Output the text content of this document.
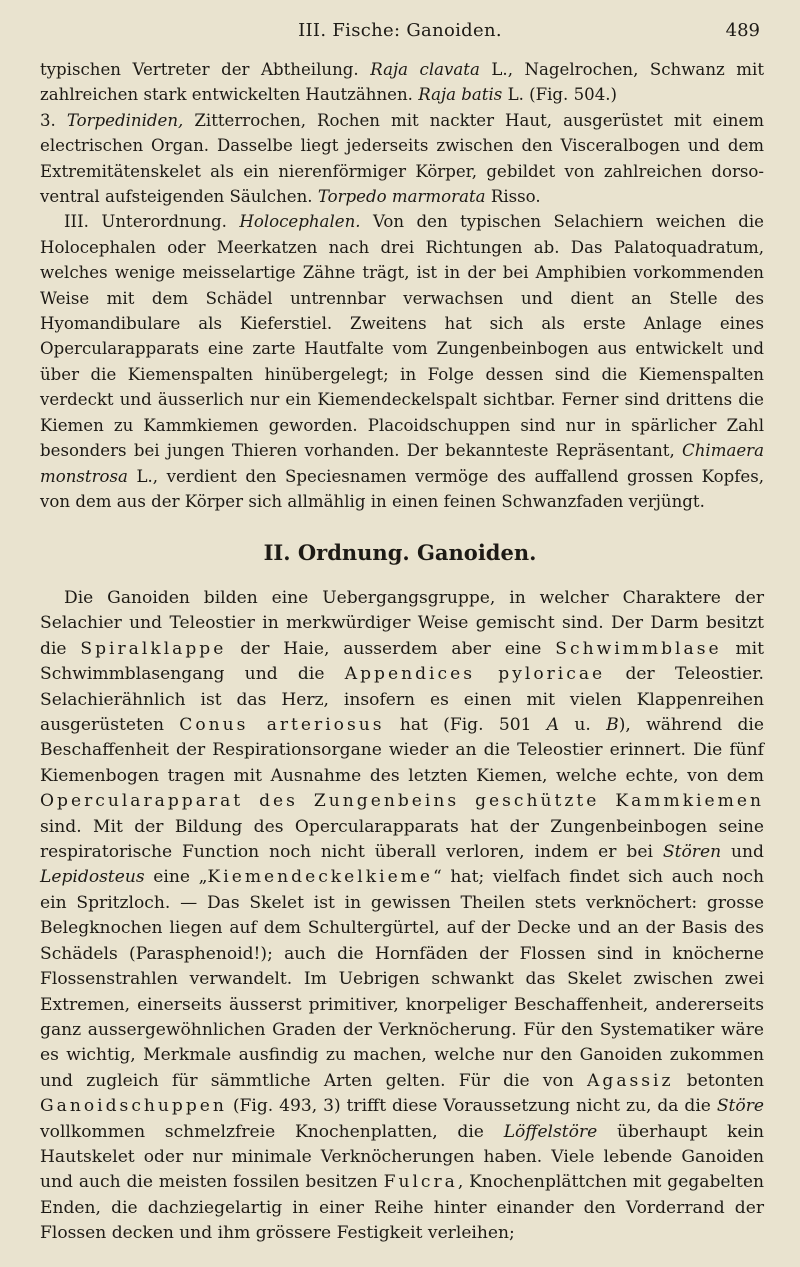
III. Fische: Ganoiden.	489

typischen Vertreter der Abtheilung. Raja clavata L., Nagelrochen, Schwanz mit zahlreichen stark entwickelten Hautzähnen. Raja batis L. (Fig. 504.)

3. Torpediniden, Zitterrochen, Rochen mit nackter Haut, ausgerüstet mit einem electrischen Organ. Dasselbe liegt jederseits zwischen den Visceralbogen und dem Extremitätenskelet als ein nierenförmiger Körper, gebildet von zahlreichen dorso-ventral aufsteigenden Säulchen. Torpedo marmorata Risso.

III. Unterordnung. Holocephalen. Von den typischen Selachiern weichen die Holocephalen oder Meerkatzen nach drei Richtungen ab. Das Palatoquadratum, welches wenige meisselartige Zähne trägt, ist in der bei Amphibien vorkommenden Weise mit dem Schädel untrennbar verwachsen und dient an Stelle des Hyomandibulare als Kieferstiel. Zweitens hat sich als erste Anlage eines Opercularapparats eine zarte Hautfalte vom Zungenbeinbogen aus entwickelt und über die Kiemenspalten hinübergelegt; in Folge dessen sind die Kiemenspalten verdeckt und äusserlich nur ein Kiemendeckelspalt sichtbar. Ferner sind drittens die Kiemen zu Kammkiemen geworden. Placoidschuppen sind nur in spärlicher Zahl besonders bei jungen Thieren vorhanden. Der bekannteste Repräsentant, Chimaera monstrosa L., verdient den Speciesnamen vermöge des auffallend grossen Kopfes, von dem aus der Körper sich allmählig in einen feinen Schwanzfaden verjüngt.

II. Ordnung. Ganoiden.

Die Ganoiden bilden eine Uebergangsgruppe, in welcher Charaktere der Selachier und Teleostier in merkwürdiger Weise gemischt sind. Der Darm besitzt die Spiralklappe der Haie, ausserdem aber eine Schwimmblase mit Schwimmblasengang und die Appendices pyloricae der Teleostier. Selachierähnlich ist das Herz, insofern es einen mit vielen Klappenreihen ausgerüsteten Conus arteriosus hat (Fig. 501 A u. B), während die Beschaffenheit der Respirationsorgane wieder an die Teleostier erinnert. Die fünf Kiemenbogen tragen mit Ausnahme des letzten Kiemen, welche echte, von dem Opercularapparat des Zungenbeins geschützte Kammkiemen sind. Mit der Bildung des Opercularapparats hat der Zungenbeinbogen seine respiratorische Function noch nicht überall verloren, indem er bei Stören und Lepidosteus eine „Kiemendeckelkieme“ hat; vielfach findet sich auch noch ein Spritzloch. — Das Skelet ist in gewissen Theilen stets verknöchert: grosse Belegknochen liegen auf dem Schultergürtel, auf der Decke und an der Basis des Schädels (Parasphenoid!); auch die Hornfäden der Flossen sind in knöcherne Flossenstrahlen verwandelt. Im Uebrigen schwankt das Skelet zwischen zwei Extremen, einerseits äusserst primitiver, knorpeliger Beschaffenheit, andererseits ganz aussergewöhnlichen Graden der Verknöcherung. Für den Systematiker wäre es wichtig, Merkmale ausfindig zu machen, welche nur den Ganoiden zukommen und zugleich für sämmtliche Arten gelten. Für die von Agassiz betonten Ganoidschuppen (Fig. 493, 3) trifft diese Voraussetzung nicht zu, da die Störe vollkommen schmelzfreie Knochenplatten, die Löffelstöre überhaupt kein Hautskelet oder nur minimale Verknöcherungen haben. Viele lebende Ganoiden und auch die meisten fossilen besitzen Fulcra, Knochenplättchen mit gegabelten Enden, die dachziegelartig in einer Reihe hinter einander den Vorderrand der Flossen decken und ihm grössere Festigkeit verleihen;
